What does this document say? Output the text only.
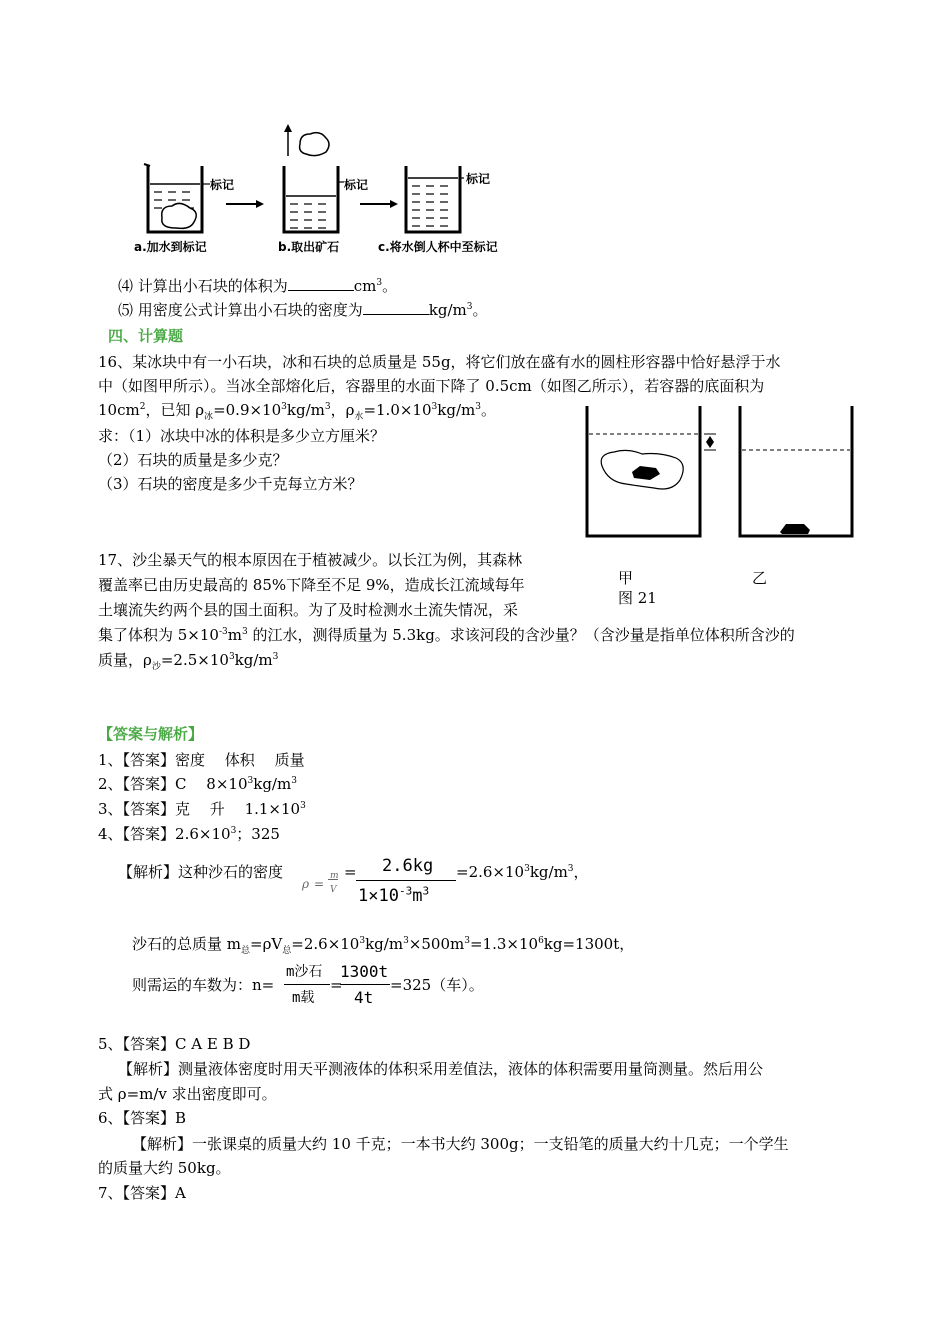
标记	标记	标记
a.加水到标记	b.取出矿石	c.将水倒人杯中至标记
⑷ 计算出小石块的体积为	$cm^3$。
⑸ 用密度公式计算出小石块的密度为	$kg/m^3$。
四、计算题
16、某冰块中有一小石块，冰和石块的总质量是 55g，将它们放在盛有水的圆柱形容器中恰好悬浮于水
中（如图甲所示）。当冰全部熔化后，容器里的水面下降了 0.5cm（如图乙所示），若容器的底面积为
$10cm^2$，已知 $\rho_冰=0.9\times 10^3kg/m^3$，$\rho_水=1.0\times 10^3kg/m^3$。
求：（1）冰块中冰的体积是多少立方厘米？
（2）石块的质量是多少克？
（3）石块的密度是多少千克每立方米？
甲	乙
图 21
17、沙尘暴天气的根本原因在于植被减少。以长江为例，其森林
覆盖率已由历史最高的 85%下降至不足 9%，造成长江流域每年
土壤流失约两个县的国土面积。为了及时检测水土流失情况，采
集了体积为 $5\times 10^{-3}m^3$ 的江水，测得质量为 5.3kg。求该河段的含沙量？（含沙量是指单位体积所含沙的
质量，$\rho_沙=2.5\times 10^3kg/m^3$
【答案与解析】
1、【答案】密度　 体积　 质量
2、【答案】C　 $8\times 10^3kg/m^3$
3、【答案】克　 升　 $1.1\times 10^3$
4、【答案】$2.6\times 10^3$；325
【解析】这种沙石的密度
ρ =
m
V
= 2.6kg
$1\times 10^{-3}m^3$
$=2.6\times 10^3kg/m^3$，
沙石的总质量 $m_总=\rho V_总=2.6\times 10^3kg/m^3\times 500m^3=1.3\times 10^6kg=1300t$，
则需运的车数为：n=
m沙石
m载
=
1300t
4t
=325（车）。
5、【答案】C A E B D
【解析】测量液体密度时用天平测液体的体积采用差值法，液体的体积需要用量筒测量。然后用公
式 ρ=m/v 求出密度即可。
6、【答案】B
【解析】一张课桌的质量大约 10 千克；一本书大约 300g；一支铅笔的质量大约十几克；一个学生
的质量大约 50kg。
7、【答案】A
